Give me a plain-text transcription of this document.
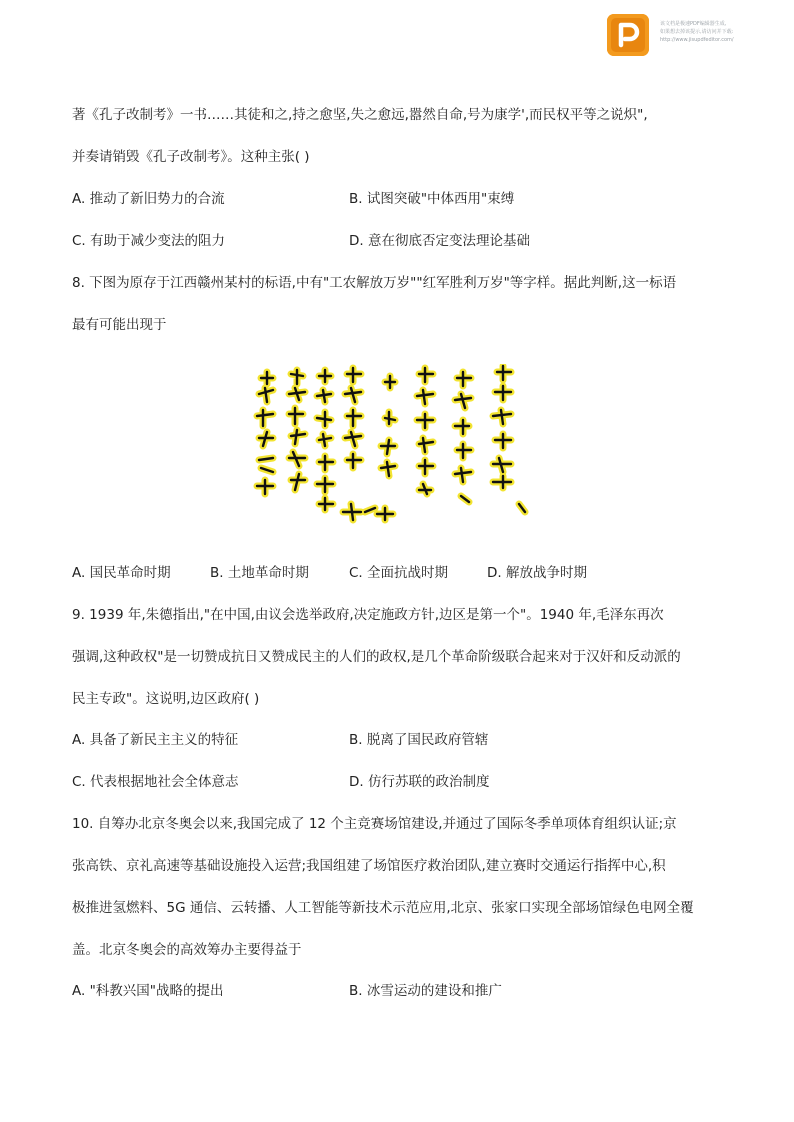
该文档是极速PDF编辑器生成,
如果想去掉该提示,请访问并下载:
http://www.jisupdfeditor.com/
著《孔子改制考》一书……其徒和之,持之愈坚,失之愈远,嚣然自命,号为康学',而民权平等之说炽",
并奏请销毁《孔子改制考》。这种主张( )
A. 推动了新旧势力的合流	B. 试图突破"中体西用"束缚
C. 有助于减少变法的阻力	D. 意在彻底否定变法理论基础
8. 下图为原存于江西赣州某村的标语,中有"工农解放万岁""红军胜利万岁"等字样。据此判断,这一标语
最有可能出现于
A. 国民革命时期	B. 土地革命时期	C. 全面抗战时期	D. 解放战争时期
9. 1939 年,朱德指出,"在中国,由议会选举政府,决定施政方针,边区是第一个"。1940 年,毛泽东再次
强调,这种政权"是一切赞成抗日又赞成民主的人们的政权,是几个革命阶级联合起来对于汉奸和反动派的
民主专政"。这说明,边区政府( )
A. 具备了新民主主义的特征	B. 脱离了国民政府管辖
C. 代表根据地社会全体意志	D. 仿行苏联的政治制度
10. 自筹办北京冬奥会以来,我国完成了 12 个主竞赛场馆建设,并通过了国际冬季单项体育组织认证;京
张高铁、京礼高速等基础设施投入运营;我国组建了场馆医疗救治团队,建立赛时交通运行指挥中心,积
极推进氢燃料、5G 通信、云转播、人工智能等新技术示范应用,北京、张家口实现全部场馆绿色电网全覆
盖。北京冬奥会的高效筹办主要得益于
A. "科教兴国"战略的提出	B. 冰雪运动的建设和推广
